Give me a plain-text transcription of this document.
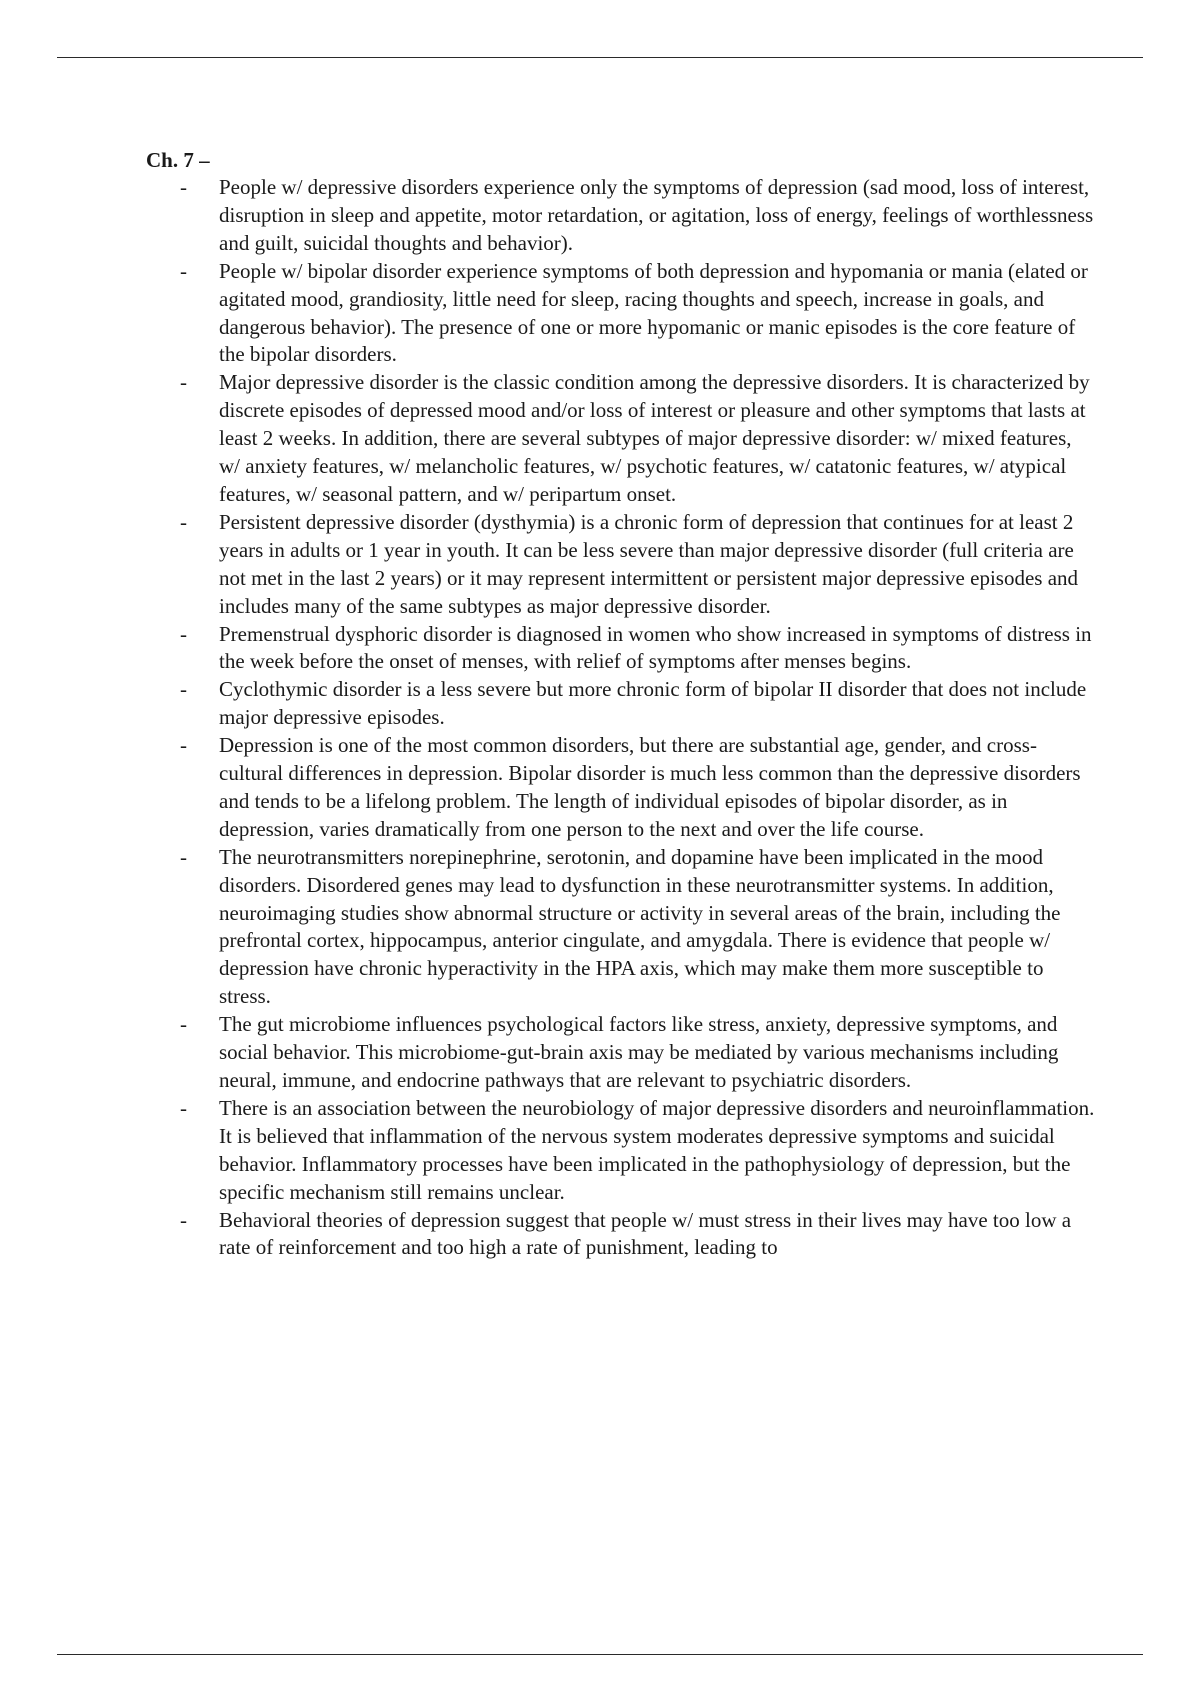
Ch. 7 –
- People w/ depressive disorders experience only the symptoms of depression (sad mood, loss of interest, disruption in sleep and appetite, motor retardation, or agitation, loss of energy, feelings of worthlessness and guilt, suicidal thoughts and behavior).
- People w/ bipolar disorder experience symptoms of both depression and hypomania or mania (elated or agitated mood, grandiosity, little need for sleep, racing thoughts and speech, increase in goals, and dangerous behavior). The presence of one or more hypomanic or manic episodes is the core feature of the bipolar disorders.
- Major depressive disorder is the classic condition among the depressive disorders. It is characterized by discrete episodes of depressed mood and/or loss of interest or pleasure and other symptoms that lasts at least 2 weeks. In addition, there are several subtypes of major depressive disorder: w/ mixed features, w/ anxiety features, w/ melancholic features, w/ psychotic features, w/ catatonic features, w/ atypical features, w/ seasonal pattern, and w/ peripartum onset.
- Persistent depressive disorder (dysthymia) is a chronic form of depression that continues for at least 2 years in adults or 1 year in youth. It can be less severe than major depressive disorder (full criteria are not met in the last 2 years) or it may represent intermittent or persistent major depressive episodes and includes many of the same subtypes as major depressive disorder.
- Premenstrual dysphoric disorder is diagnosed in women who show increased in symptoms of distress in the week before the onset of menses, with relief of symptoms after menses begins.
- Cyclothymic disorder is a less severe but more chronic form of bipolar II disorder that does not include major depressive episodes.
- Depression is one of the most common disorders, but there are substantial age, gender, and cross-cultural differences in depression. Bipolar disorder is much less common than the depressive disorders and tends to be a lifelong problem. The length of individual episodes of bipolar disorder, as in depression, varies dramatically from one person to the next and over the life course.
- The neurotransmitters norepinephrine, serotonin, and dopamine have been implicated in the mood disorders. Disordered genes may lead to dysfunction in these neurotransmitter systems. In addition, neuroimaging studies show abnormal structure or activity in several areas of the brain, including the prefrontal cortex, hippocampus, anterior cingulate, and amygdala. There is evidence that people w/ depression have chronic hyperactivity in the HPA axis, which may make them more susceptible to stress.
- The gut microbiome influences psychological factors like stress, anxiety, depressive symptoms, and social behavior. This microbiome-gut-brain axis may be mediated by various mechanisms including neural, immune, and endocrine pathways that are relevant to psychiatric disorders.
- There is an association between the neurobiology of major depressive disorders and neuroinflammation. It is believed that inflammation of the nervous system moderates depressive symptoms and suicidal behavior. Inflammatory processes have been implicated in the pathophysiology of depression, but the specific mechanism still remains unclear.
- Behavioral theories of depression suggest that people w/ must stress in their lives may have too low a rate of reinforcement and too high a rate of punishment, leading to
